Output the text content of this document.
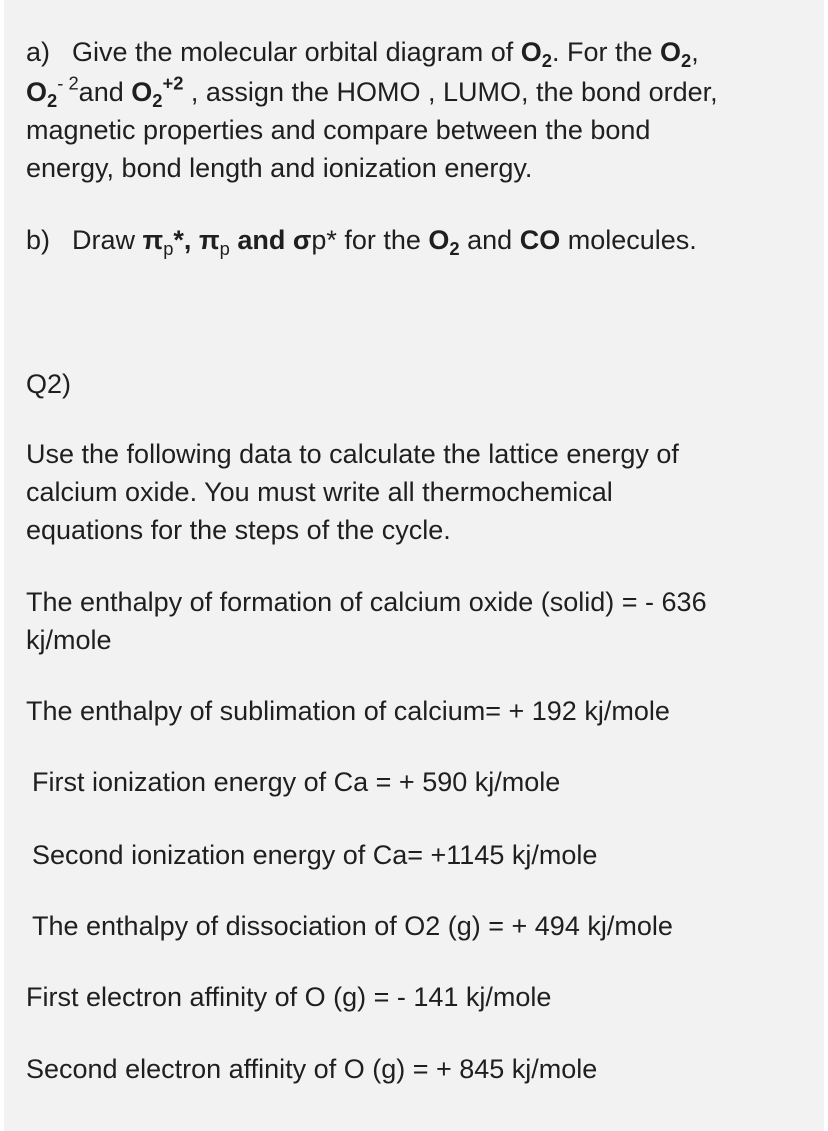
a) Give the molecular orbital diagram of $O_2$. For the $O_2$,
$O_2^{- 2}and$ $O_2^{+2}$ , assign the HOMO , LUMO, the bond order,
magnetic properties and compare between the bond
energy, bond length and ionization energy.
b) Draw $\pi_p*$, $\pi_p$ and σp* for the $O_2$ and CO molecules.
Q2)
Use the following data to calculate the lattice energy of
calcium oxide. You must write all thermochemical
equations for the steps of the cycle.
The enthalpy of formation of calcium oxide (solid) = - 636
kj/mole
The enthalpy of sublimation of calcium= + 192 kj/mole
First ionization energy of Ca = + 590 kj/mole
Second ionization energy of Ca= +1145 kj/mole
The enthalpy of dissociation of O2 (g) = + 494 kj/mole
First electron affinity of O (g) = - 141 kj/mole
Second electron affinity of O (g) = + 845 kj/mole
